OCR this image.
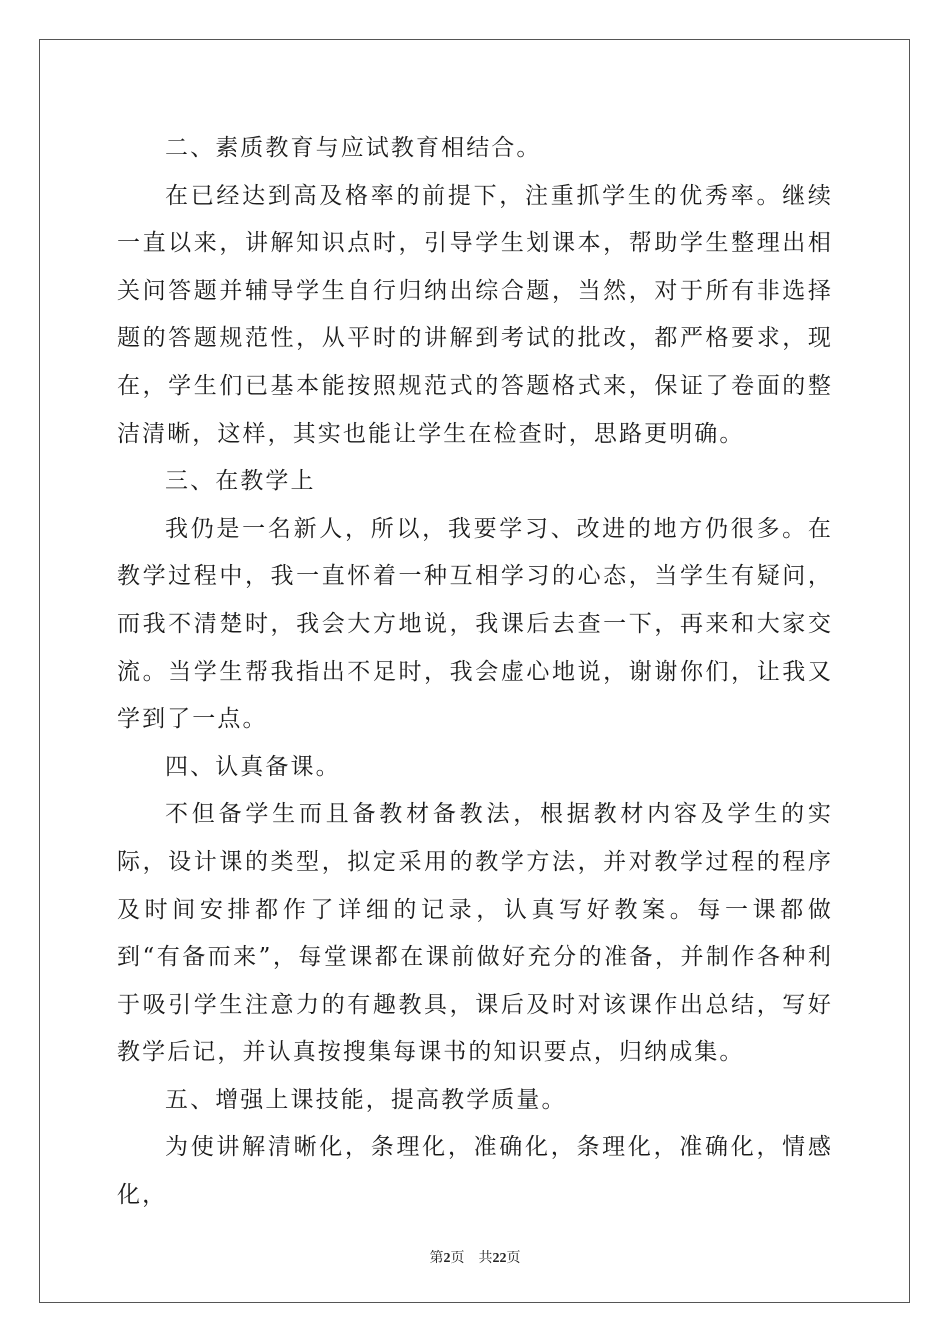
二、素质教育与应试教育相结合。

在已经达到高及格率的前提下，注重抓学生的优秀率。继续一直以来，讲解知识点时，引导学生划课本，帮助学生整理出相关问答题并辅导学生自行归纳出综合题，当然，对于所有非选择题的答题规范性，从平时的讲解到考试的批改，都严格要求，现在，学生们已基本能按照规范式的答题格式来，保证了卷面的整洁清晰，这样，其实也能让学生在检查时，思路更明确。

三、在教学上

我仍是一名新人，所以，我要学习、改进的地方仍很多。在教学过程中，我一直怀着一种互相学习的心态，当学生有疑问，而我不清楚时，我会大方地说，我课后去查一下，再来和大家交流。当学生帮我指出不足时，我会虚心地说，谢谢你们，让我又学到了一点。

四、认真备课。

不但备学生而且备教材备教法，根据教材内容及学生的实际，设计课的类型，拟定采用的教学方法，并对教学过程的程序及时间安排都作了详细的记录，认真写好教案。每一课都做到“有备而来”，每堂课都在课前做好充分的准备，并制作各种利于吸引学生注意力的有趣教具，课后及时对该课作出总结，写好教学后记，并认真按搜集每课书的知识要点，归纳成集。

五、增强上课技能，提高教学质量。

为使讲解清晰化，条理化，准确化，条理化，准确化，情感化，

第2页 共22页
